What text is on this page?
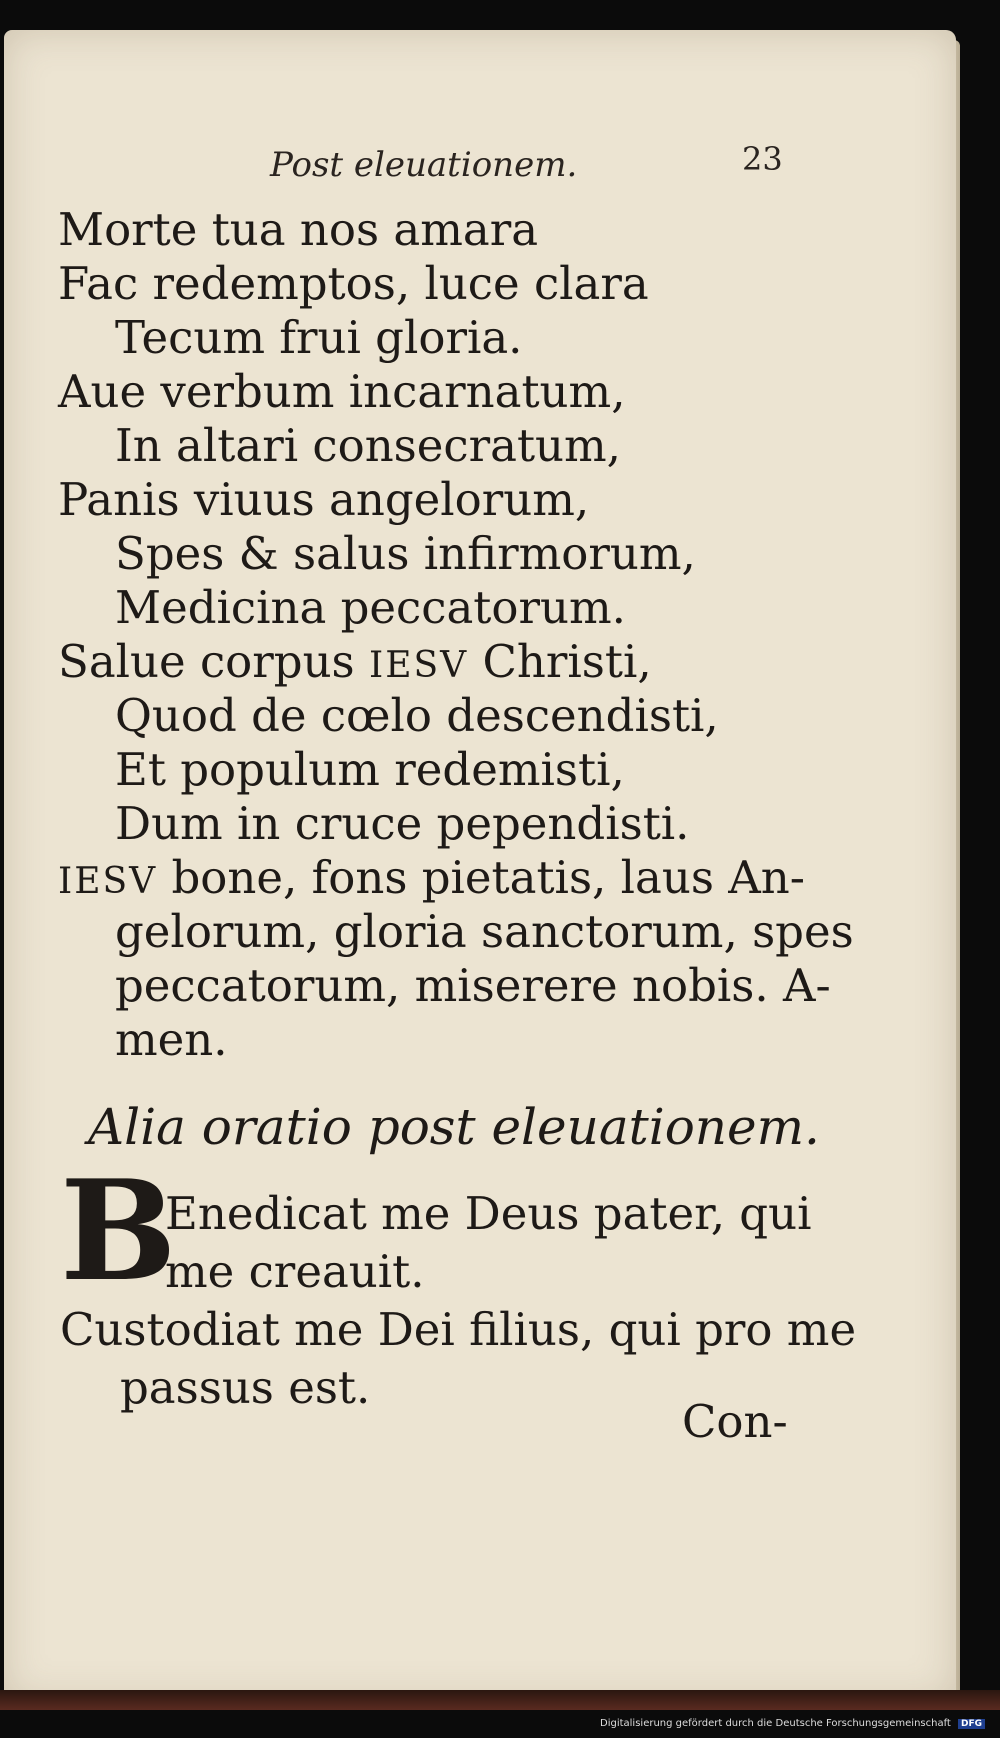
Post eleuationem.	23
Morte tua nos amara
Fac redemptos, luce clara
Tecum frui gloria.
Aue verbum incarnatum,
In altari consecratum,
Panis viuus angelorum,
Spes & salus infirmorum,
Medicina peccatorum.
Salue corpus IESV Christi,
Quod de cœlo descendisti,
Et populum redemisti,
Dum in cruce pependisti.
IESV bone, fons pietatis, laus An-
gelorum, gloria sanctorum, spes
peccatorum, miserere nobis. A-
men.
Alia oratio post eleuationem.
B
Enedicat me Deus pater, qui
me creauit.
Custodiat me Dei filius, qui pro me
passus est.
Con-
Digitalisierung gefördert durch die Deutsche Forschungsgemeinschaft DFG
